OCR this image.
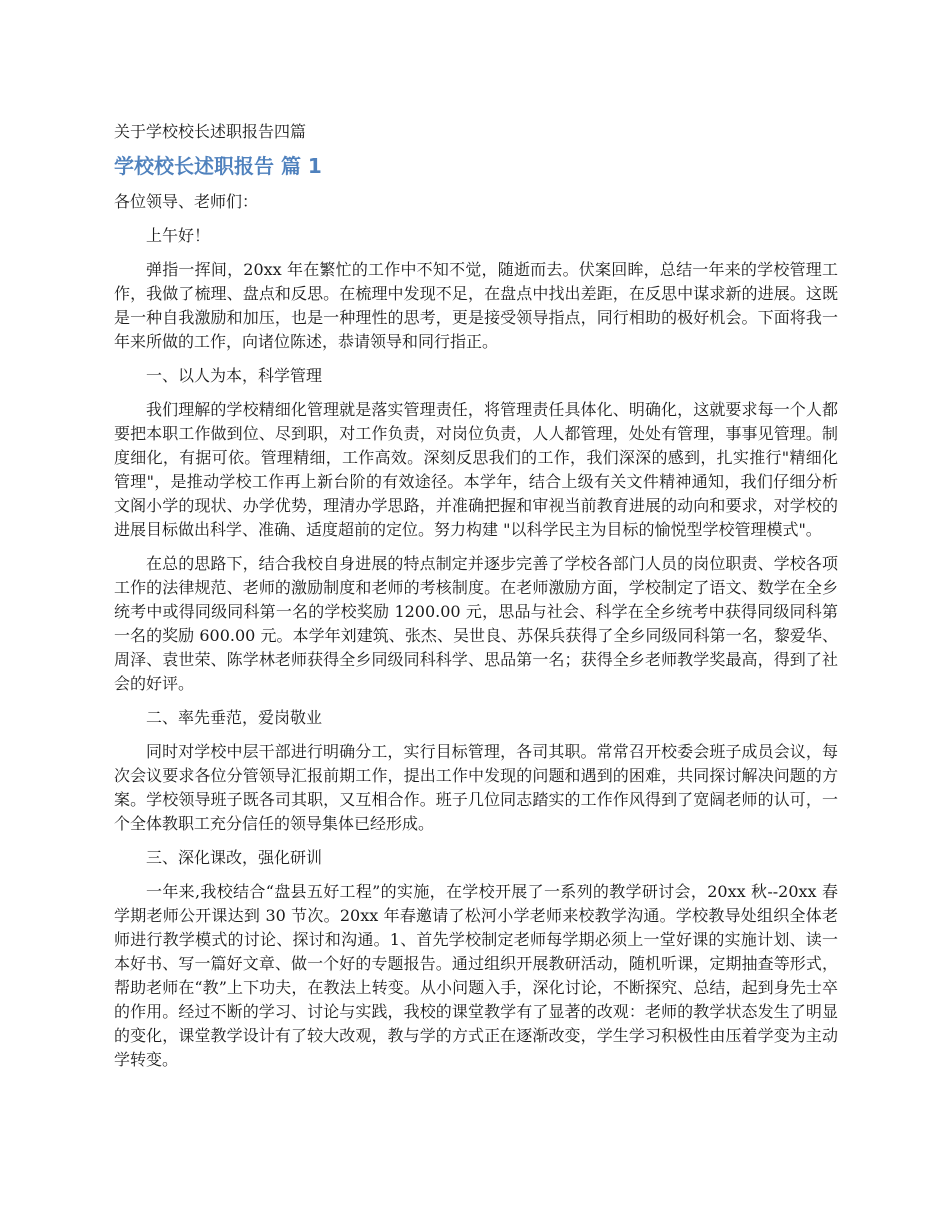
关于学校校长述职报告四篇

学校校长述职报告 篇 1

各位领导、老师们：

上午好！

弹指一挥间，20xx 年在繁忙的工作中不知不觉，随逝而去。伏案回眸，总结一年来的学校管理工作，我做了梳理、盘点和反思。在梳理中发现不足，在盘点中找出差距，在反思中谋求新的进展。这既是一种自我激励和加压，也是一种理性的思考，更是接受领导指点，同行相助的极好机会。下面将我一年来所做的工作，向诸位陈述，恭请领导和同行指正。

一、以人为本，科学管理

我们理解的学校精细化管理就是落实管理责任，将管理责任具体化、明确化，这就要求每一个人都要把本职工作做到位、尽到职，对工作负责，对岗位负责，人人都管理，处处有管理，事事见管理。制度细化，有据可依。管理精细，工作高效。深刻反思我们的工作，我们深深的感到，扎实推行"精细化管理"，是推动学校工作再上新台阶的有效途径。本学年，结合上级有关文件精神通知，我们仔细分析文阁小学的现状、办学优势，理清办学思路，并准确把握和审视当前教育进展的动向和要求，对学校的进展目标做出科学、准确、适度超前的定位。努力构建 "以科学民主为目标的愉悦型学校管理模式"。

在总的思路下，结合我校自身进展的特点制定并逐步完善了学校各部门人员的岗位职责、学校各项工作的法律规范、老师的激励制度和老师的考核制度。在老师激励方面，学校制定了语文、数学在全乡统考中或得同级同科第一名的学校奖励 1200.00 元，思品与社会、科学在全乡统考中获得同级同科第一名的奖励 600.00 元。本学年刘建筑、张杰、吴世良、苏保兵获得了全乡同级同科第一名，黎爱华、周泽、袁世荣、陈学林老师获得全乡同级同科科学、思品第一名；获得全乡老师教学奖最高，得到了社会的好评。

二、率先垂范，爱岗敬业

同时对学校中层干部进行明确分工，实行目标管理，各司其职。常常召开校委会班子成员会议，每次会议要求各位分管领导汇报前期工作，提出工作中发现的问题和遇到的困难，共同探讨解决问题的方案。学校领导班子既各司其职，又互相合作。班子几位同志踏实的工作作风得到了宽阔老师的认可，一个全体教职工充分信任的领导集体已经形成。

三、深化课改，强化研训

一年来,我校结合“盘县五好工程”的实施，在学校开展了一系列的教学研讨会，20xx 秋--20xx 春学期老师公开课达到 30 节次。20xx 年春邀请了松河小学老师来校教学沟通。学校教导处组织全体老师进行教学模式的讨论、探讨和沟通。1、首先学校制定老师每学期必须上一堂好课的实施计划、读一本好书、写一篇好文章、做一个好的专题报告。通过组织开展教研活动，随机听课，定期抽查等形式，帮助老师在“教”上下功夫，在教法上转变。从小问题入手，深化讨论，不断探究、总结，起到身先士卒的作用。经过不断的学习、讨论与实践，我校的课堂教学有了显著的改观：老师的教学状态发生了明显的变化，课堂教学设计有了较大改观，教与学的方式正在逐渐改变，学生学习积极性由压着学变为主动学转变。
